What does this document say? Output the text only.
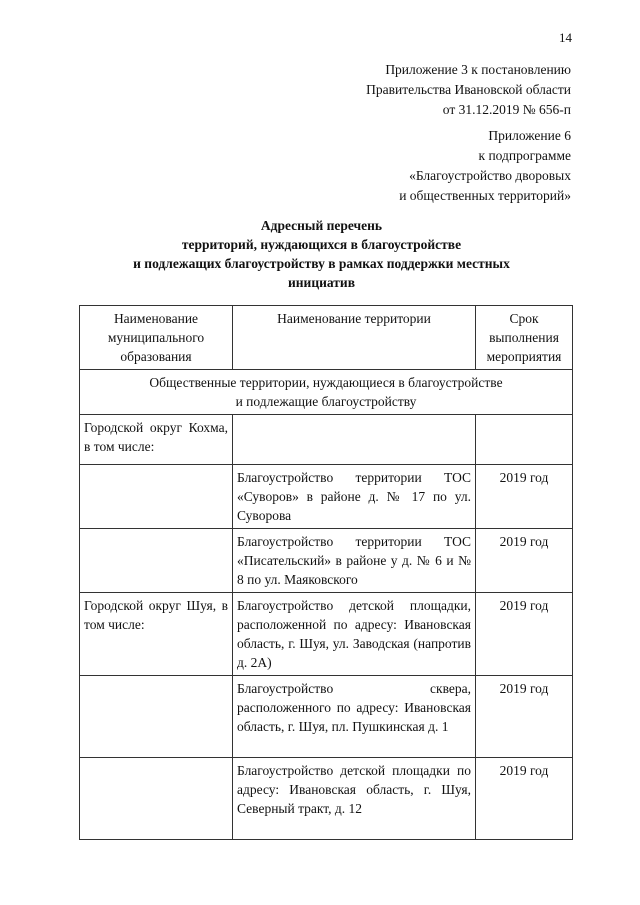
14
Приложение 3 к постановлению
Правительства Ивановской области
от 31.12.2019 № 656-п
Приложение 6
к подпрограмме
«Благоустройство дворовых
и общественных территорий»
Адресный перечень
территорий, нуждающихся в благоустройстве
и подлежащих благоустройству в рамках поддержки местных
инициатив
Наименование муниципального образования	Наименование территории	Срок выполнения мероприятия

Общественные территории, нуждающиеся в благоустройстве
и подлежащие благоустройству		

Городской округ Кохма, в том числе:		
	Благоустройство территории ТОС «Суворов» в районе д. № 17 по ул. Суворова	2019 год
	Благоустройство территории ТОС «Писательский» в районе у д. № 6 и № 8 по ул. Маяковского	2019 год
Городской округ Шуя, в том числе:	Благоустройство детской площадки, расположенной по адресу: Ивановская область, г. Шуя, ул. Заводская (напротив д. 2А)	2019 год
	Благоустройство сквера, расположенного по адресу: Ивановская область, г. Шуя, пл. Пушкинская д. 1	2019 год
	Благоустройство детской площадки по адресу: Ивановская область, г. Шуя, Северный тракт, д. 12	2019 год
